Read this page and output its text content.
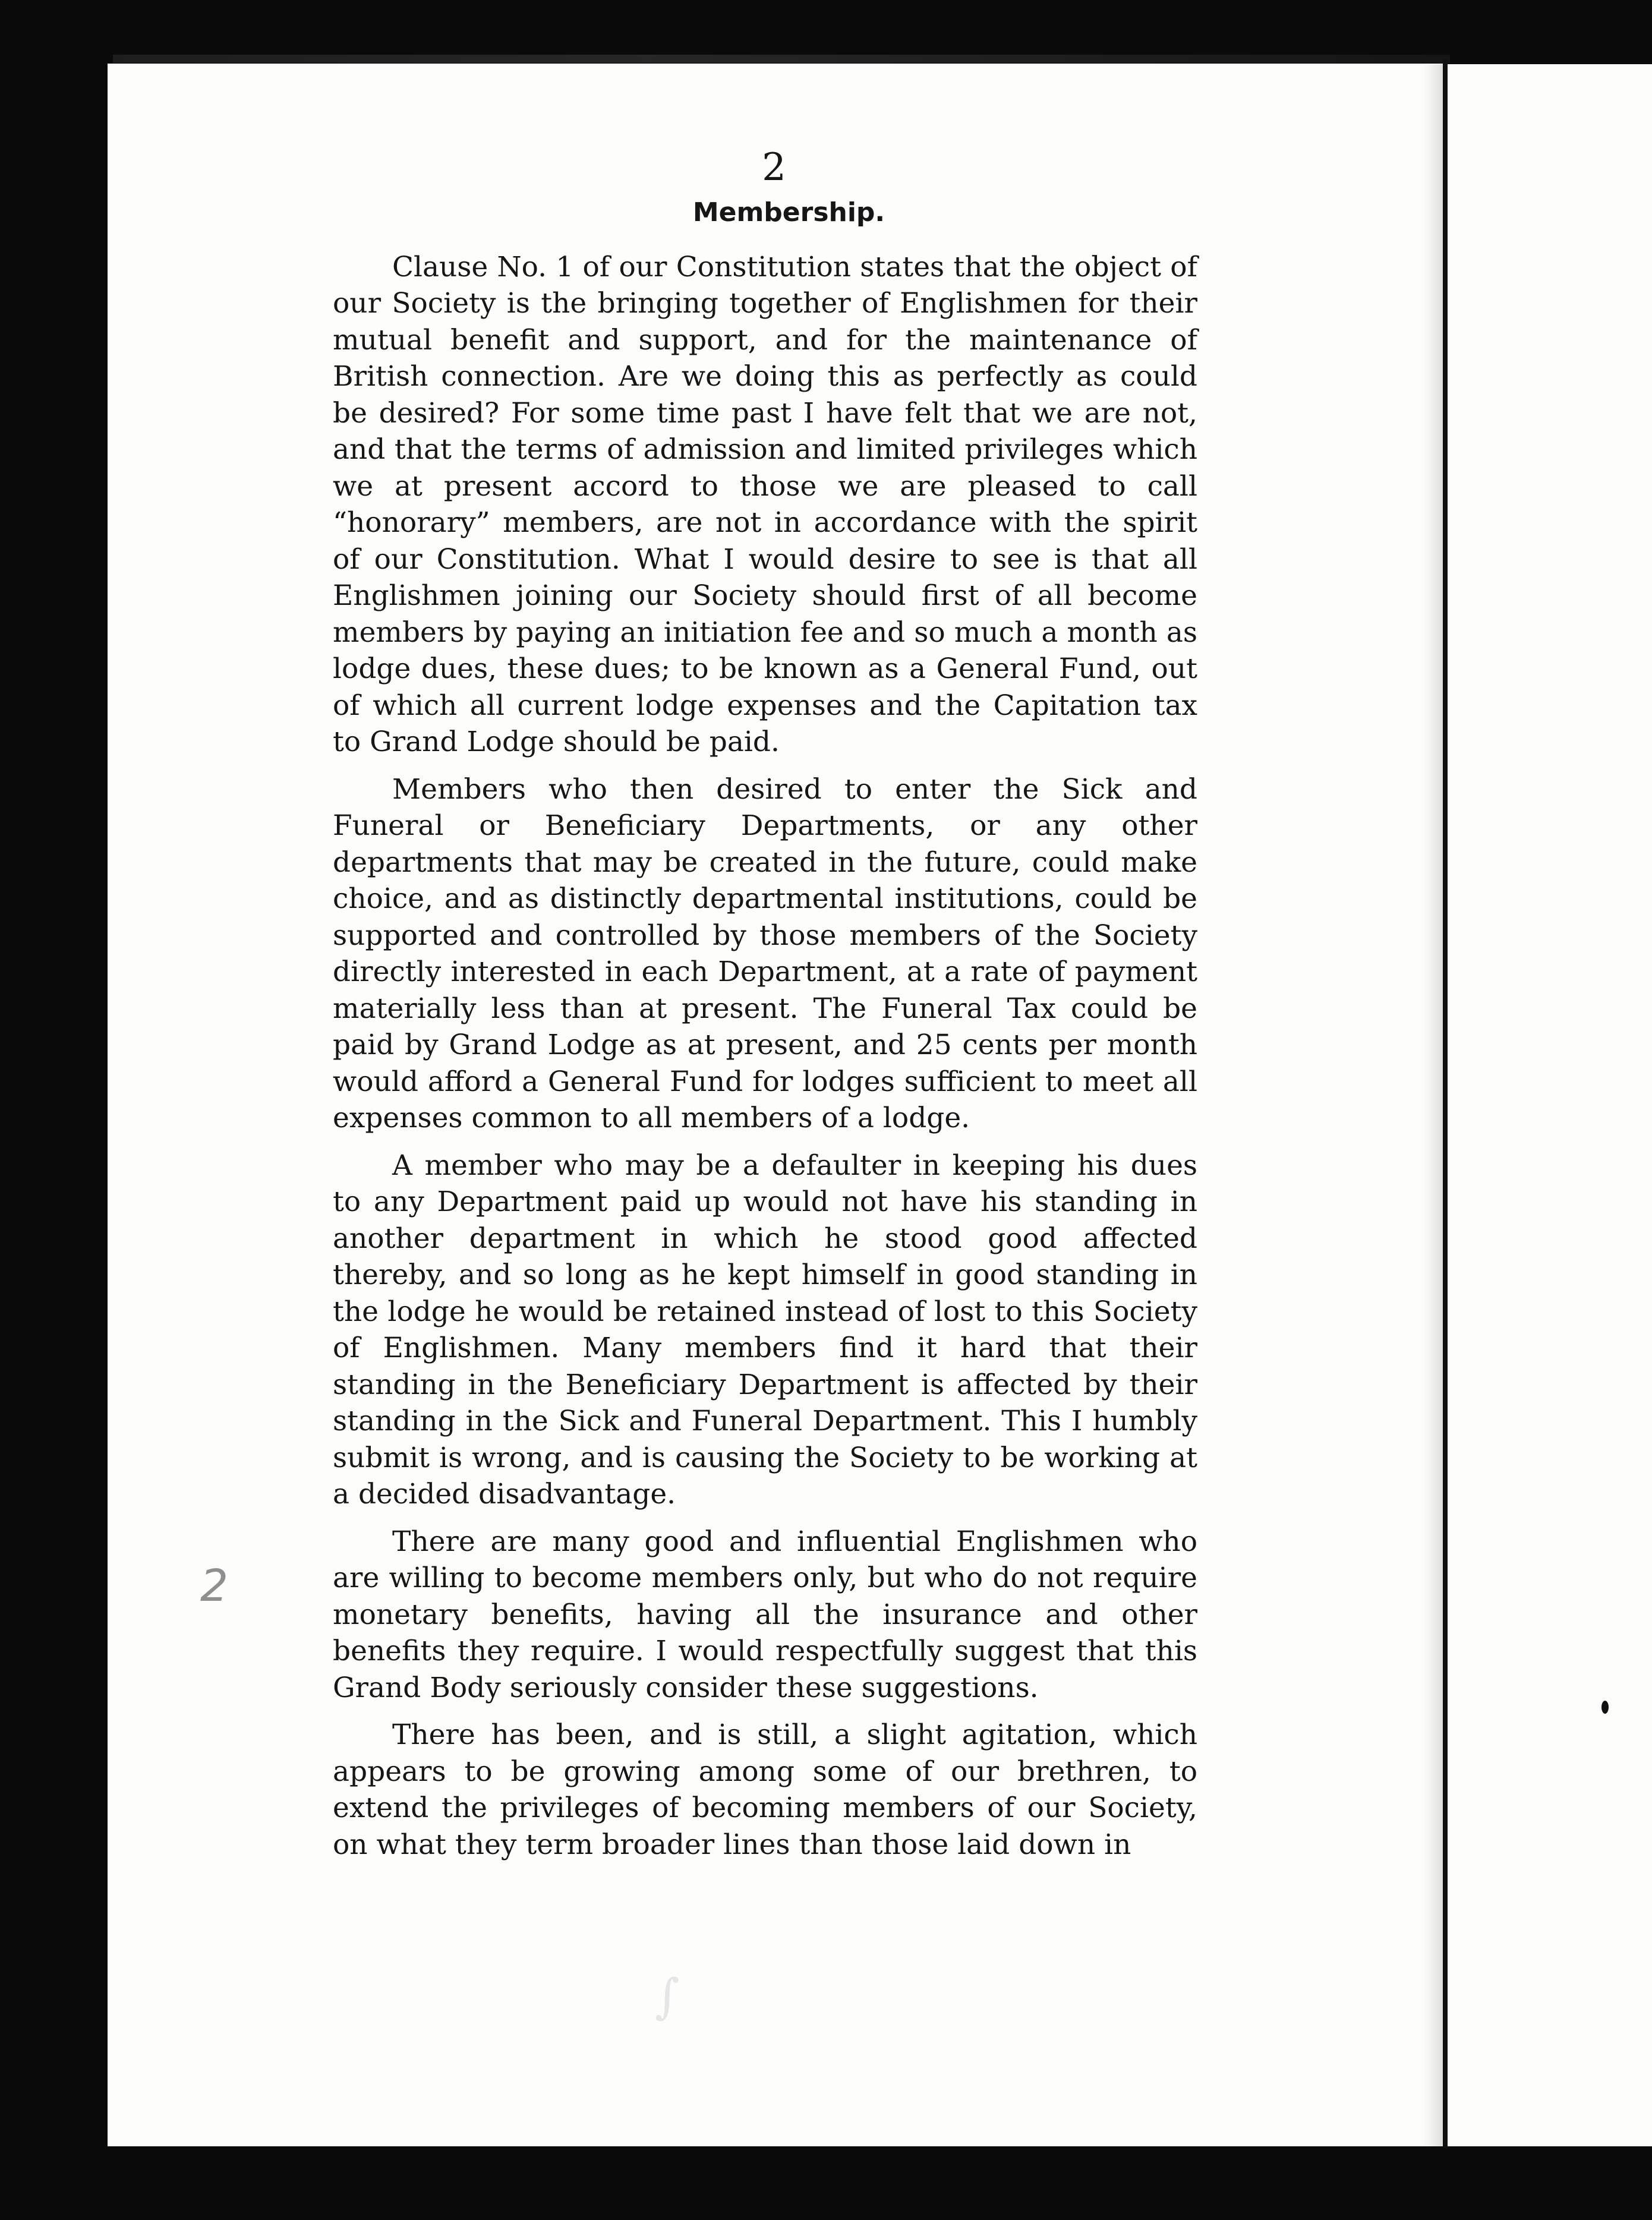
2
∫
2
Membership.

Clause No. 1 of our Constitution states that the object of our Society is the bringing together of Englishmen for their mutual benefit and support, and for the maintenance of British connection. Are we doing this as perfectly as could be desired? For some time past I have felt that we are not, and that the terms of admission and limited privileges which we at present accord to those we are pleased to call “honorary” members, are not in accordance with the spirit of our Constitution. What I would desire to see is that all Englishmen joining our Society should first of all become members by paying an initiation fee and so much a month as lodge dues, these dues; to be known as a General Fund, out of which all current lodge expenses and the Capitation tax to Grand Lodge should be paid.

Members who then desired to enter the Sick and Funeral or Beneficiary Departments, or any other departments that may be created in the future, could make choice, and as distinctly departmental institutions, could be supported and controlled by those members of the Society directly interested in each Department, at a rate of payment materially less than at present. The Funeral Tax could be paid by Grand Lodge as at present, and 25 cents per month would afford a General Fund for lodges sufficient to meet all expenses common to all members of a lodge.

A member who may be a defaulter in keeping his dues to any Department paid up would not have his standing in another department in which he stood good affected thereby, and so long as he kept himself in good standing in the lodge he would be retained instead of lost to this Society of Englishmen. Many members find it hard that their standing in the Beneficiary Department is affected by their standing in the Sick and Funeral Department. This I humbly submit is wrong, and is causing the Society to be working at a decided disadvantage.

There are many good and influential Englishmen who are willing to become members only, but who do not require monetary benefits, having all the insurance and other benefits they require. I would respectfully suggest that this Grand Body seriously consider these suggestions.

There has been, and is still, a slight agitation, which appears to be growing among some of our brethren, to extend the privileges of becoming members of our Society, on what they term broader lines than those laid down in
